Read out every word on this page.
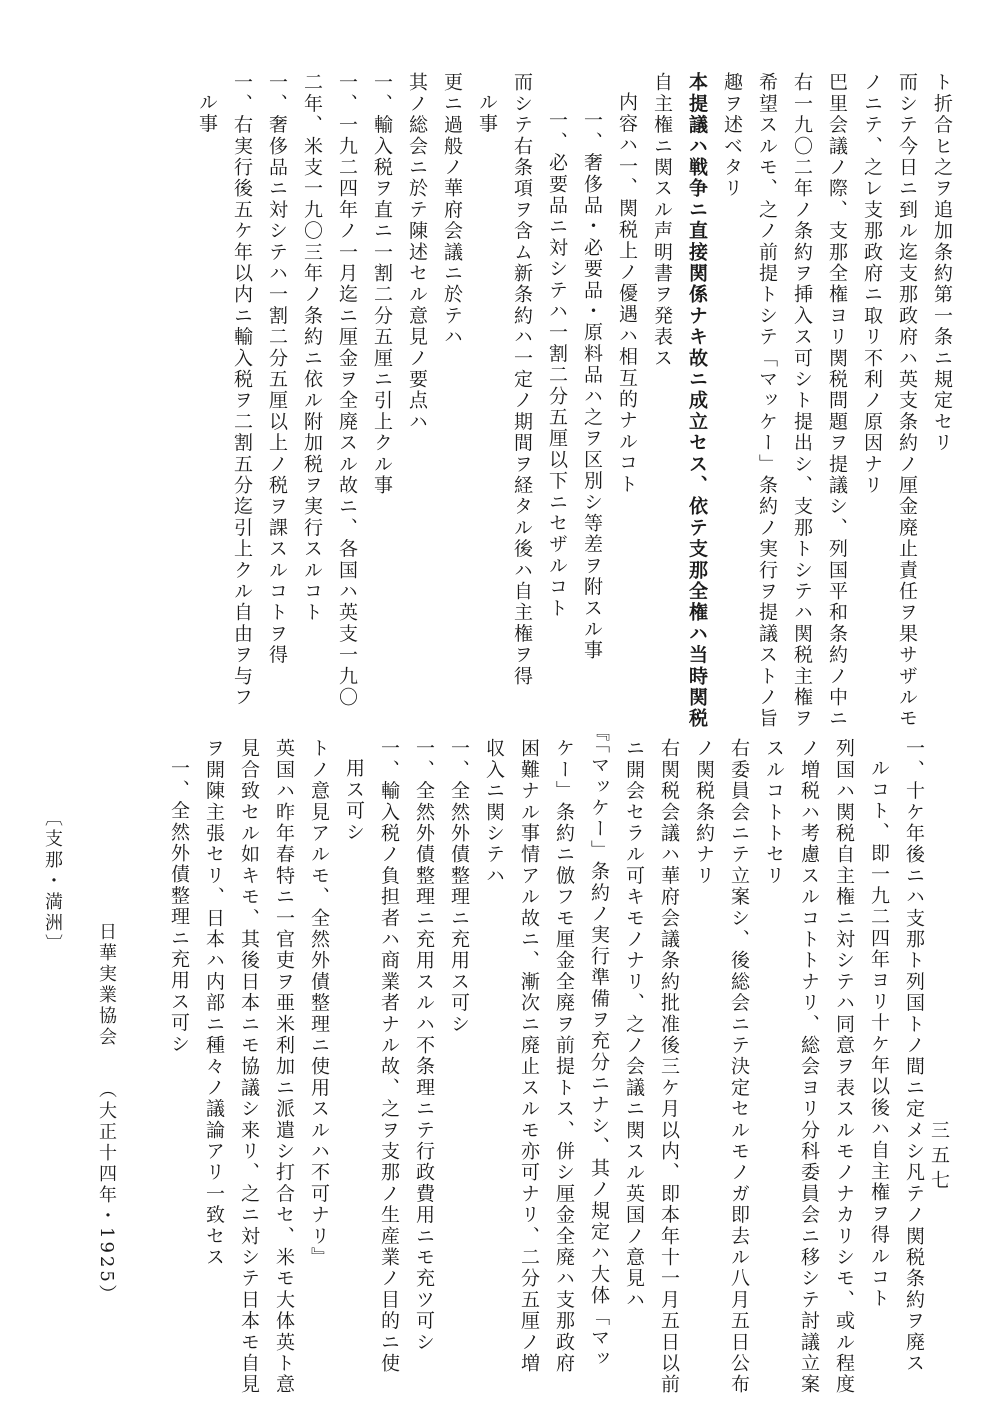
ト折合ヒ之ヲ追加条約第一条ニ規定セリ
而シテ今日ニ到ル迄支那政府ハ英支条約ノ厘金廃止責任ヲ果サザルモ
ノニテ、之レ支那政府ニ取リ不利ノ原因ナリ
巴里会議ノ際、支那全権ヨリ関税問題ヲ提議シ、列国平和条約ノ中ニ
右一九〇二年ノ条約ヲ挿入ス可シト提出シ、支那トシテハ関税主権ヲ
希望スルモ、之ノ前提トシテ「マッケー」条約ノ実行ヲ提議ストノ旨
趣ヲ述ベタリ
本提議ハ戦争ニ直接関係ナキ故ニ成立セス、依テ支那全権ハ当時関税
自主権ニ関スル声明書ヲ発表ス
内容ハ一、関税上ノ優遇ハ相互的ナルコト
一、奢侈品・必要品・原料品ハ之ヲ区別シ等差ヲ附スル事
一、必要品ニ対シテハ一割二分五厘以下ニセザルコト
而シテ右条項ヲ含ム新条約ハ一定ノ期間ヲ経タル後ハ自主権ヲ得
ル事
更ニ過般ノ華府会議ニ於テハ
其ノ総会ニ於テ陳述セル意見ノ要点ハ
一、輸入税ヲ直ニ一割二分五厘ニ引上クル事
一、一九二四年ノ一月迄ニ厘金ヲ全廃スル故ニ、各国ハ英支一九〇
二年、米支一九〇三年ノ条約ニ依ル附加税ヲ実行スルコト
一、奢侈品ニ対シテハ一割二分五厘以上ノ税ヲ課スルコトヲ得
一、右実行後五ケ年以内ニ輸入税ヲ二割五分迄引上クル自由ヲ与フ
ル事
一、十ケ年後ニハ支那ト列国トノ間ニ定メシ凡テノ関税条約ヲ廃ス
ルコト、即一九二四年ヨリ十ケ年以後ハ自主権ヲ得ルコト
列国ハ関税自主権ニ対シテハ同意ヲ表スルモノナカリシモ、或ル程度
ノ増税ハ考慮スルコトトナリ、総会ヨリ分科委員会ニ移シテ討議立案
スルコトトセリ
右委員会ニテ立案シ、後総会ニテ決定セルモノガ即去ル八月五日公布
ノ関税条約ナリ
右関税会議ハ華府会議条約批准後三ケ月以内、即本年十一月五日以前
ニ開会セラル可キモノナリ、之ノ会議ニ関スル英国ノ意見ハ
『「マッケー」条約ノ実行準備ヲ充分ニナシ、其ノ規定ハ大体「マッ
ケー」条約ニ倣フモ厘金全廃ヲ前提トス、併シ厘金全廃ハ支那政府
困難ナル事情アル故ニ、漸次ニ廃止スルモ亦可ナリ、二分五厘ノ増
収入ニ関シテハ
一、全然外債整理ニ充用ス可シ
一、全然外債整理ニ充用スルハ不条理ニテ行政費用ニモ充ツ可シ
一、輸入税ノ負担者ハ商業者ナル故、之ヲ支那ノ生産業ノ目的ニ使
用ス可シ
トノ意見アルモ、全然外債整理ニ使用スルハ不可ナリ』
英国ハ昨年春特ニ一官吏ヲ亜米利加ニ派遣シ打合セ、米モ大体英ト意
見合致セル如キモ、其後日本ニモ協議シ来リ、之ニ対シテ日本モ自見
ヲ開陳主張セリ、日本ハ内部ニ種々ノ議論アリ一致セス
一、全然外債整理ニ充用ス可シ
〔支那・満洲〕
日華実業協会
（大正十四年・1925）	三五七
